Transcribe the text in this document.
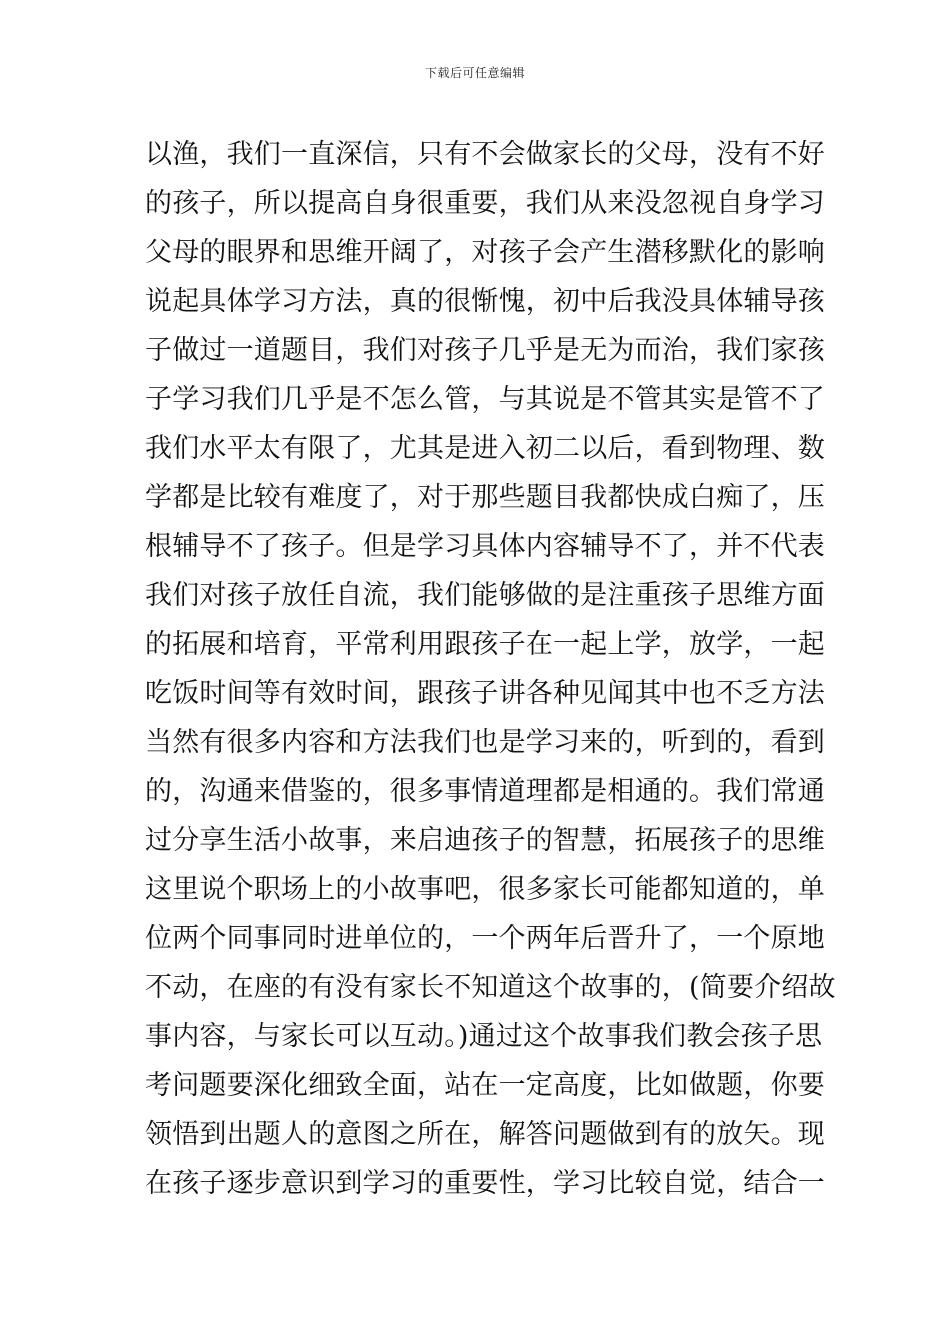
下载后可任意编辑
以渔，我们一直深信，只有不会做家长的父母，没有不好
的孩子，所以提高自身很重要，我们从来没忽视自身学习
父母的眼界和思维开阔了，对孩子会产生潜移默化的影响
说起具体学习方法，真的很惭愧，初中后我没具体辅导孩
子做过一道题目，我们对孩子几乎是无为而治，我们家孩
子学习我们几乎是不怎么管，与其说是不管其实是管不了
我们水平太有限了，尤其是进入初二以后，看到物理、数
学都是比较有难度了，对于那些题目我都快成白痴了，压
根辅导不了孩子。但是学习具体内容辅导不了，并不代表
我们对孩子放任自流，我们能够做的是注重孩子思维方面
的拓展和培育，平常利用跟孩子在一起上学，放学，一起
吃饭时间等有效时间，跟孩子讲各种见闻其中也不乏方法
当然有很多内容和方法我们也是学习来的，听到的，看到
的，沟通来借鉴的，很多事情道理都是相通的。我们常通
过分享生活小故事，来启迪孩子的智慧，拓展孩子的思维
这里说个职场上的小故事吧，很多家长可能都知道的，单
位两个同事同时进单位的，一个两年后晋升了，一个原地
不动，在座的有没有家长不知道这个故事的，(简要介绍故
事内容，与家长可以互动。)通过这个故事我们教会孩子思
考问题要深化细致全面，站在一定高度，比如做题，你要
领悟到出题人的意图之所在，解答问题做到有的放矢。现
在孩子逐步意识到学习的重要性，学习比较自觉，结合一
